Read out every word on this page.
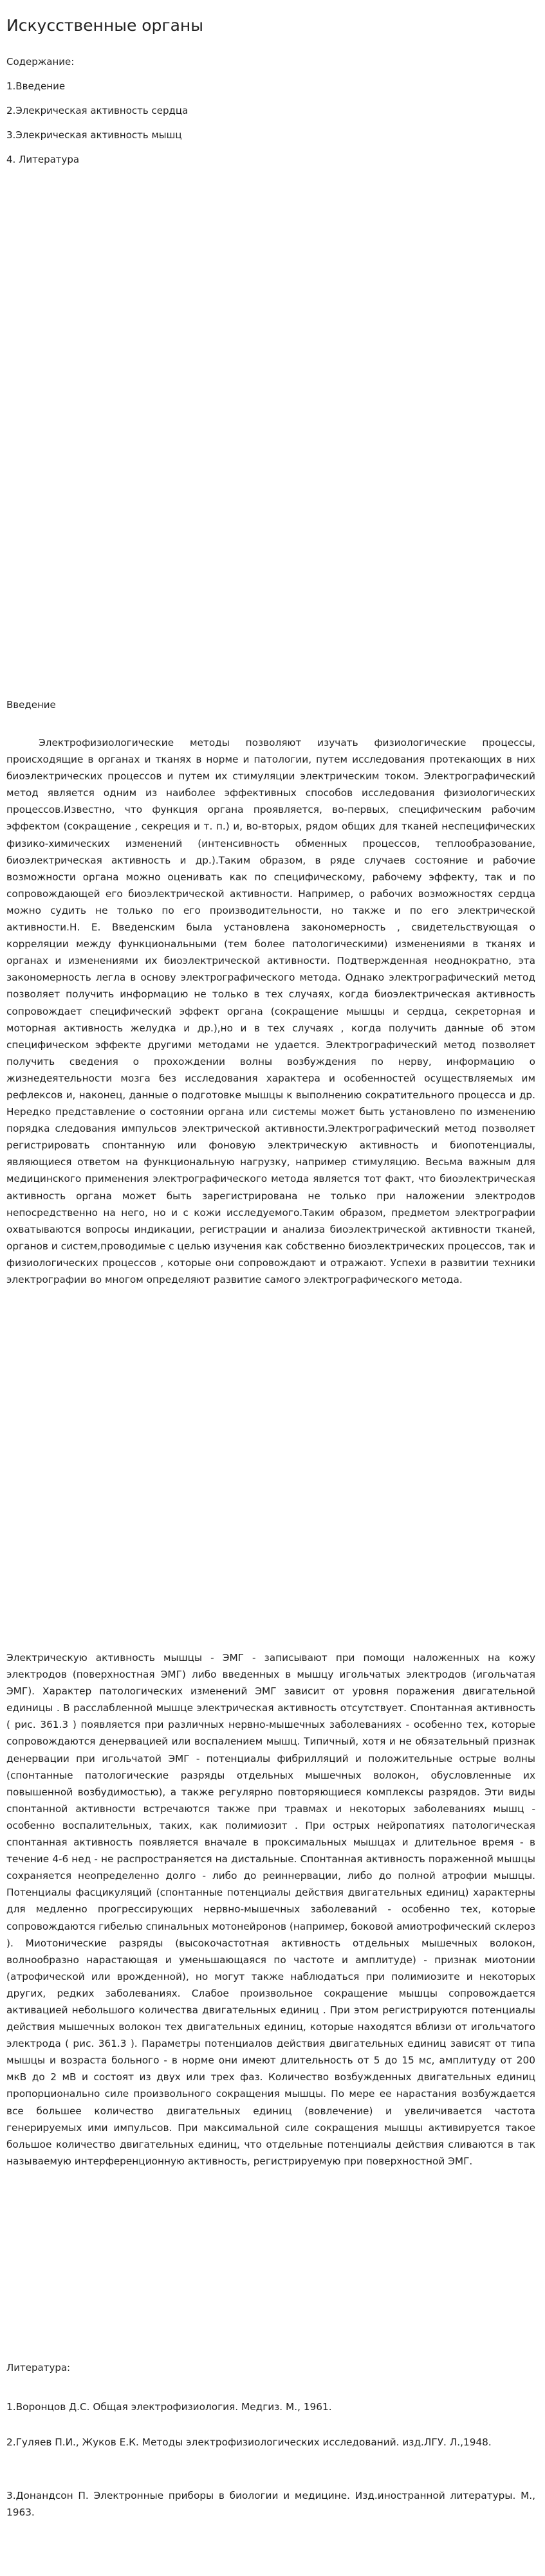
Искусственные органы
Содержание:
1.Введение
2.Элекрическая активность сердца
3.Элекрическая активность мышц
4. Литература
Введение

Электрофизиологические методы позволяют изучать физиологические процессы, происходящие в органах и тканях в норме и патологии, путем исследования протекающих в них биоэлектрических процессов и путем их стимуляции электрическим током. Электрографический метод является одним из наиболее эффективных способов исследования физиологических процессов.Известно, что функция органа проявляется, во-первых, специфическим рабочим эффектом (сокращение , секреция и т. п.) и, во-вторых, рядом общих для тканей неспецифических физико-химических изменений (интенсивность обменных процессов, теплообразование, биоэлектрическая активность и др.).Таким образом, в ряде случаев состояние и рабочие возможности органа можно оценивать как по специфическому, рабочему эффекту, так и по сопровождающей его биоэлектрической активности. Например, о рабочих возможностях сердца можно судить не только по его производительности, но также и по его электрической активности.Н. Е. Введенским была установлена закономерность , свидетельствующая о корреляции между функциональными (тем более патологическими) изменениями в тканях и органах и изменениями их биоэлектрической активности. Подтвержденная неоднократно, эта закономерность легла в основу электрографического метода. Однако электрографический метод позволяет получить информацию не только в тех случаях, когда биоэлектрическая активность сопровождает специфический эффект органа (сокращение мышцы и сердца, секреторная и моторная активность желудка и др.),но и в тех случаях , когда получить данные об этом специфическом эффекте другими методами не удается. Электрографический метод позволяет получить сведения о прохождении волны возбуждения по нерву, информацию о жизнедеятельности мозга без исследования характера и особенностей осуществляемых им рефлексов и, наконец, данные о подготовке мышцы к выполнению сократительного процесса и др. Нередко представление о состоянии органа или системы может быть установлено по изменению порядка следования импульсов электрической активности.Электрографический метод позволяет регистрировать спонтанную или фоновую электрическую активность и биопотенциалы, являющиеся ответом на функциональную нагрузку, например стимуляцию. Весьма важным для медицинского применения электрографического метода является тот факт, что биоэлектрическая активность органа может быть зарегистрирована не только при наложении электродов непосредственно на него, но и с кожи исследуемого.Таким образом, предметом электрографии охватываются вопросы индикации, регистрации и анализа биоэлектрической активности тканей, органов и систем,проводимые с целью изучения как собственно биоэлектрических процессов, так и физиологических процессов , которые они сопровождают и отражают. Успехи в развитии техники электрографии во многом определяют развитие самого электрографического метода.

Электрическую активность мышцы - ЭМГ - записывают при помощи наложенных на кожу электродов (поверхностная ЭМГ) либо введенных в мышцу игольчатых электродов (игольчатая ЭМГ). Характер патологических изменений ЭМГ зависит от уровня поражения двигательной единицы . В расслабленной мышце электрическая активность отсутствует. Спонтанная активность ( рис. 361.3 ) появляется при различных нервно-мышечных заболеваниях - особенно тех, которые сопровождаются денервацией или воспалением мышц. Типичный, хотя и не обязательный признак денервации при игольчатой ЭМГ - потенциалы фибрилляций и положительные острые волны (спонтанные патологические разряды отдельных мышечных волокон, обусловленные их повышенной возбудимостью), а также регулярно повторяющиеся комплексы разрядов. Эти виды спонтанной активности встречаются также при травмах и некоторых заболеваниях мышц - особенно воспалительных, таких, как полимиозит . При острых нейропатиях патологическая спонтанная активность появляется вначале в проксимальных мышцах и длительное время - в течение 4-6 нед - не распространяется на дистальные. Спонтанная активность пораженной мышцы сохраняется неопределенно долго - либо до реиннервации, либо до полной атрофии мышцы. Потенциалы фасцикуляций (спонтанные потенциалы действия двигательных единиц) характерны для медленно прогрессирующих нервно-мышечных заболеваний - особенно тех, которые сопровождаются гибелью спинальных мотонейронов (например, боковой амиотрофический склероз ). Миотонические разряды (высокочастотная активность отдельных мышечных волокон, волнообразно нарастающая и уменьшающаяся по частоте и амплитуде) - признак миотонии (атрофической или врожденной), но могут также наблюдаться при полимиозите и некоторых других, редких заболеваниях. Слабое произвольное сокращение мышцы сопровождается активацией небольшого количества двигательных единиц . При этом регистрируются потенциалы действия мышечных волокон тех двигательных единиц, которые находятся вблизи от игольчатого электрода ( рис. 361.3 ). Параметры потенциалов действия двигательных единиц зависят от типа мышцы и возраста больного - в норме они имеют длительность от 5 до 15 мс, амплитуду от 200 мкВ до 2 мВ и состоят из двух или трех фаз. Количество возбужденных двигательных единиц пропорционально силе произвольного сокращения мышцы. По мере ее нарастания возбуждается все большее количество двигательных единиц (вовлечение) и увеличивается частота генерируемых ими импульсов. При максимальной силе сокращения мышцы активируется такое большое количество двигательных единиц, что отдельные потенциалы действия сливаются в так называемую интерференционную активность, регистрируемую при поверхностной ЭМГ.

Литература:
1.Воронцов Д.С. Общая электрофизиология. Медгиз. М., 1961.
2.Гуляев П.И., Жуков Е.К. Методы электрофизиологических исследований. изд.ЛГУ. Л.,1948.
3.Донандсон П. Электронные приборы в биологии и медицине. Изд.иностранной литературы. М., 1963.
